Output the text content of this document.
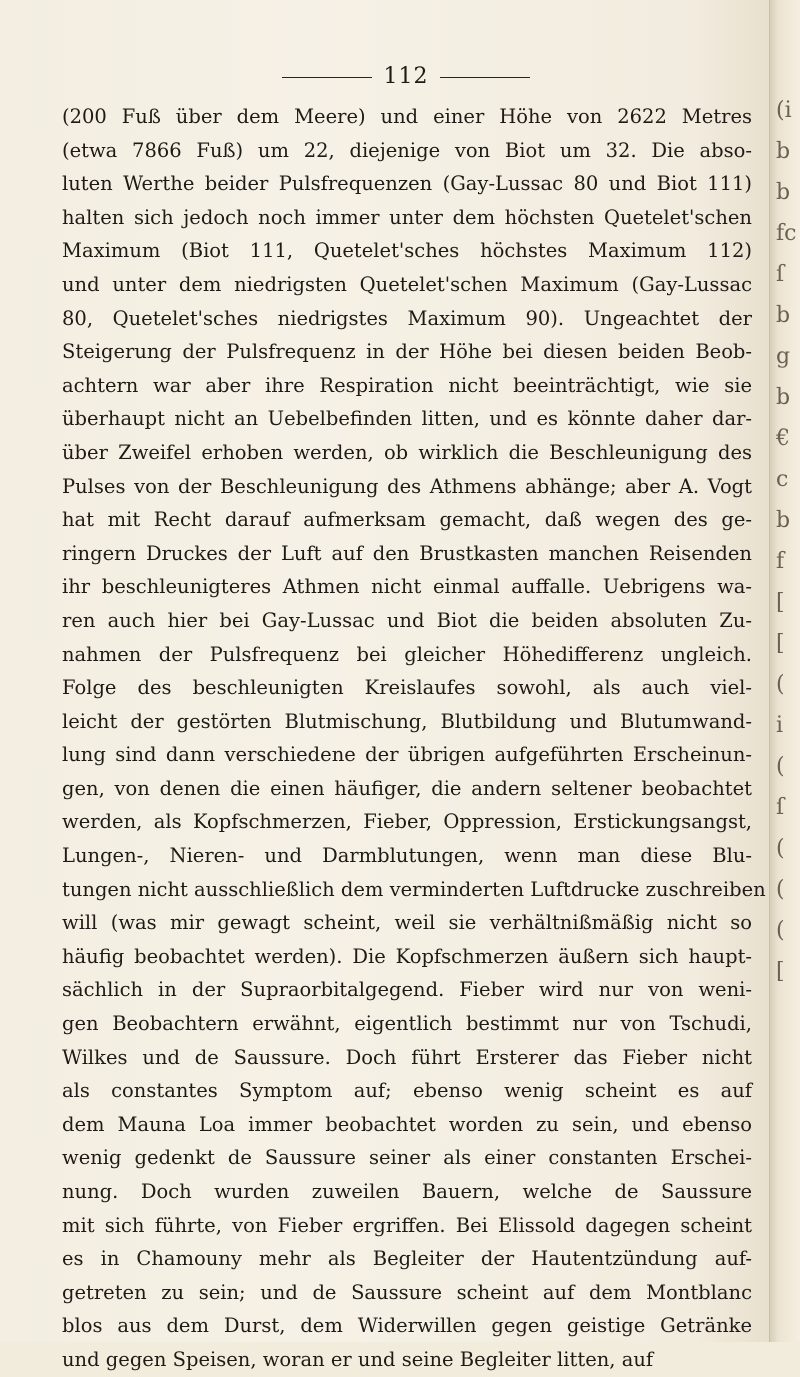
112
(200 Fuß über dem Meere) und einer Höhe von 2622 Metres
(etwa 7866 Fuß) um 22, diejenige von Biot um 32. Die abso-
luten Werthe beider Pulsfrequenzen (Gay-Lussac 80 und Biot 111)
halten sich jedoch noch immer unter dem höchsten Quetelet'schen
Maximum (Biot 111, Quetelet'sches höchstes Maximum 112)
und unter dem niedrigsten Quetelet'schen Maximum (Gay-Lussac
80, Quetelet'sches niedrigstes Maximum 90). Ungeachtet der
Steigerung der Pulsfrequenz in der Höhe bei diesen beiden Beob-
achtern war aber ihre Respiration nicht beeinträchtigt, wie sie
überhaupt nicht an Uebelbefinden litten, und es könnte daher dar-
über Zweifel erhoben werden, ob wirklich die Beschleunigung des
Pulses von der Beschleunigung des Athmens abhänge; aber A. Vogt
hat mit Recht darauf aufmerksam gemacht, daß wegen des ge-
ringern Druckes der Luft auf den Brustkasten manchen Reisenden
ihr beschleunigteres Athmen nicht einmal auffalle. Uebrigens wa-
ren auch hier bei Gay-Lussac und Biot die beiden absoluten Zu-
nahmen der Pulsfrequenz bei gleicher Höhedifferenz ungleich.
Folge des beschleunigten Kreislaufes sowohl, als auch viel-
leicht der gestörten Blutmischung, Blutbildung und Blutumwand-
lung sind dann verschiedene der übrigen aufgeführten Erscheinun-
gen, von denen die einen häufiger, die andern seltener beobachtet
werden, als Kopfschmerzen, Fieber, Oppression, Erstickungsangst,
Lungen-, Nieren- und Darmblutungen, wenn man diese Blu-
tungen nicht ausschließlich dem verminderten Luftdrucke zuschreiben
will (was mir gewagt scheint, weil sie verhältnißmäßig nicht so
häufig beobachtet werden). Die Kopfschmerzen äußern sich haupt-
sächlich in der Supraorbitalgegend. Fieber wird nur von weni-
gen Beobachtern erwähnt, eigentlich bestimmt nur von Tschudi,
Wilkes und de Saussure. Doch führt Ersterer das Fieber nicht
als constantes Symptom auf; ebenso wenig scheint es auf
dem Mauna Loa immer beobachtet worden zu sein, und ebenso
wenig gedenkt de Saussure seiner als einer constanten Erschei-
nung. Doch wurden zuweilen Bauern, welche de Saussure
mit sich führte, von Fieber ergriffen. Bei Elissold dagegen scheint
es in Chamouny mehr als Begleiter der Hautentzündung auf-
getreten zu sein; und de Saussure scheint auf dem Montblanc
blos aus dem Durst, dem Widerwillen gegen geistige Getränke
und gegen Speisen, woran er und seine Begleiter litten, auf
(i
b
b
fc
ſ
b
g
b
€
c
b
f
[
[
(
i
(
ſ
(
(
(
[
